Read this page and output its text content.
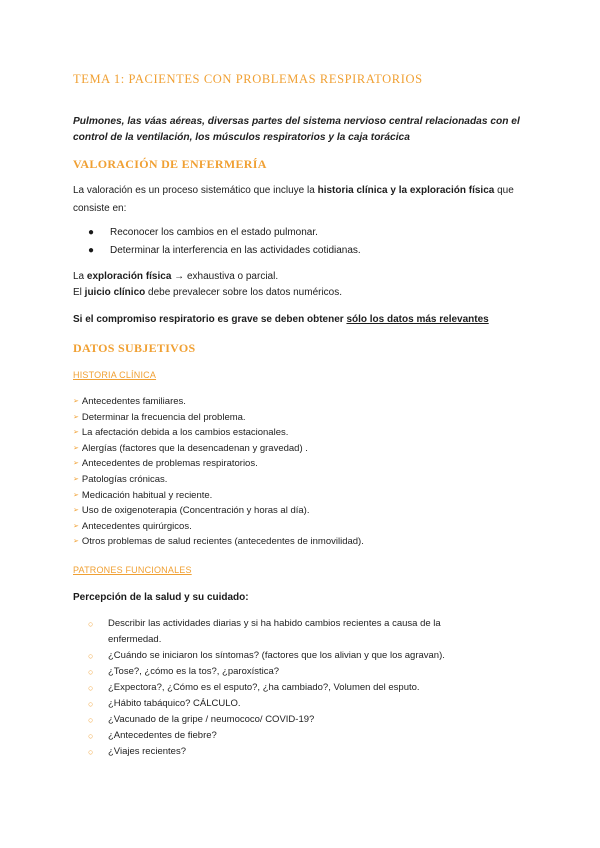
TEMA 1: PACIENTES CON PROBLEMAS RESPIRATORIOS
Pulmones, las váas aéreas, diversas partes del sistema nervioso central relacionadas con el control de la ventilación, los músculos respiratorios y la caja torácica
VALORACIÓN DE ENFERMERÍA
La valoración es un proceso sistemático que incluye la historia clínica y la exploración física que consiste en:
● Reconocer los cambios en el estado pulmonar.
● Determinar la interferencia en las actividades cotidianas.
La exploración física → exhaustiva o parcial.
El juicio clínico debe prevalecer sobre los datos numéricos.
Si el compromiso respiratorio es grave se deben obtener sólo los datos más relevantes
DATOS SUBJETIVOS
HISTORIA CLÍNICA
➢ Antecedentes familiares.
➢ Determinar la frecuencia del problema.
➢ La afectación debida a los cambios estacionales.
➢ Alergías (factores que la desencadenan y gravedad) .
➢ Antecedentes de problemas respiratorios.
➢ Patologías crónicas.
➢ Medicación habitual y reciente.
➢ Uso de oxigenoterapia (Concentración y horas al día).
➢ Antecedentes quirúrgicos.
➢ Otros problemas de salud recientes (antecedentes de inmovilidad).
PATRONES FUNCIONALES
Percepción de la salud y su cuidado:
○ Describir las actividades diarias y si ha habido cambios recientes a causa de la enfermedad.
○ ¿Cuándo se iniciaron los síntomas? (factores que los alivian y que los agravan).
○ ¿Tose?, ¿cómo es la tos?, ¿paroxística?
○ ¿Expectora?, ¿Cómo es el esputo?, ¿ha cambiado?, Volumen del esputo.
○ ¿Hábito tabáquico? CÁLCULO.
○ ¿Vacunado de la gripe / neumococo/ COVID-19?
○ ¿Antecedentes de fiebre?
○ ¿Viajes recientes?
